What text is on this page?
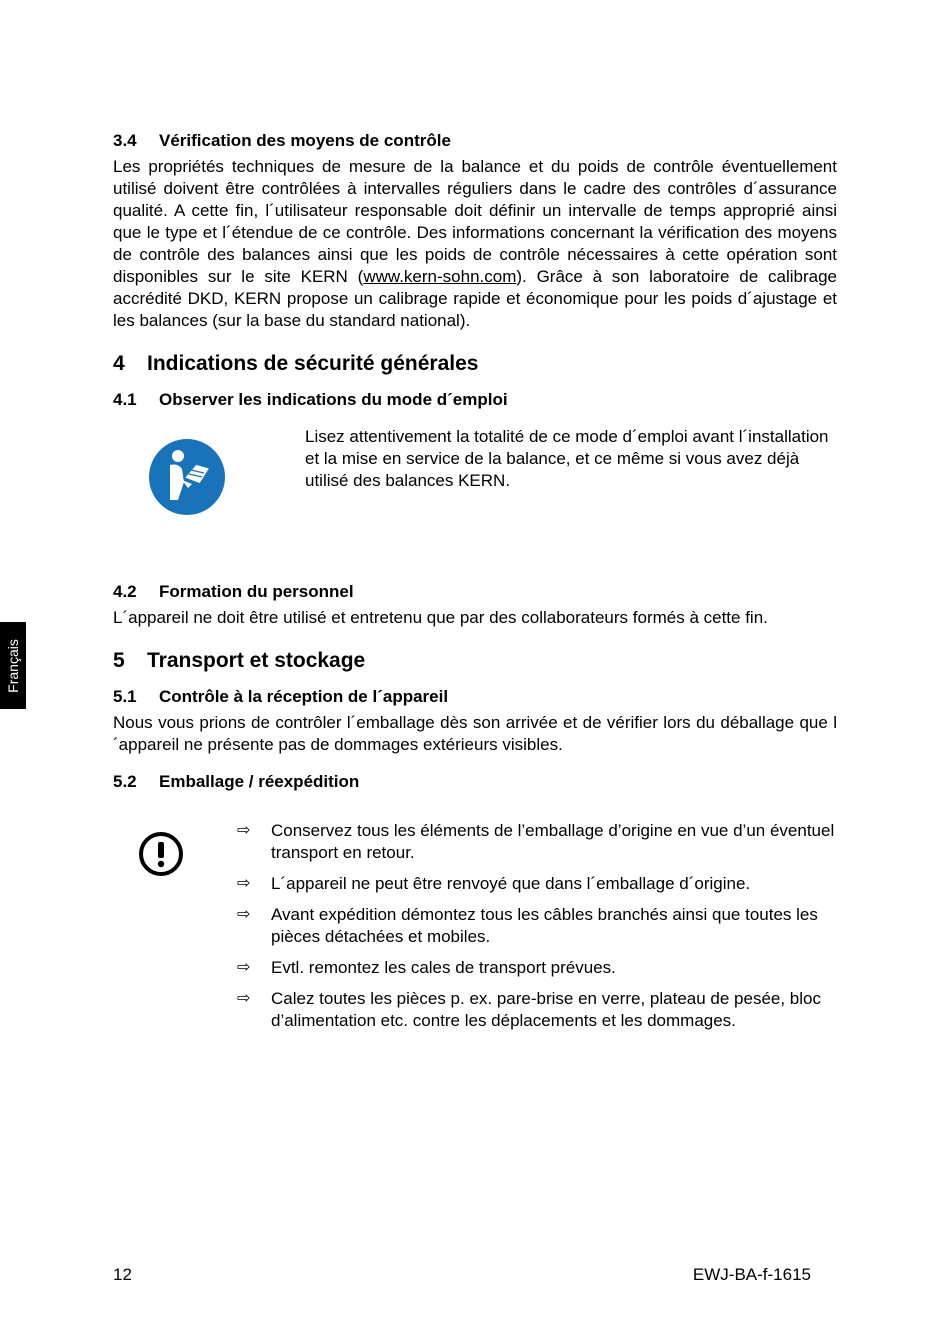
Français
3.4 Vérification des moyens de contrôle

Les propriétés techniques de mesure de la balance et du poids de contrôle éventuellement utilisé doivent être contrôlées à intervalles réguliers dans le cadre des contrôles d´assurance qualité. A cette fin, l´utilisateur responsable doit définir un intervalle de temps approprié ainsi que le type et l´étendue de ce contrôle. Des informations concernant la vérification des moyens de contrôle des balances ainsi que les poids de contrôle nécessaires à cette opération sont disponibles sur le site KERN (www.kern-sohn.com). Grâce à son laboratoire de calibrage accrédité DKD, KERN propose un calibrage rapide et économique pour les poids d´ajustage et les balances (sur la base du standard national).

4 Indications de sécurité générales
4.1 Observer les indications du mode d´emploi

Lisez attentivement la totalité de ce mode d´emploi avant l´installation et la mise en service de la balance, et ce même si vous avez déjà utilisé des balances KERN.

4.2 Formation du personnel

L´appareil ne doit être utilisé et entretenu que par des collaborateurs formés à cette fin.

5 Transport et stockage
5.1 Contrôle à la réception de l´appareil

Nous vous prions de contrôler l´emballage dès son arrivée et de vérifier lors du déballage que l´appareil ne présente pas de dommages extérieurs visibles.

5.2 Emballage / réexpédition
⇨	Conservez tous les éléments de l’emballage d’origine en vue d’un éventuel transport en retour.
⇨	L´appareil ne peut être renvoyé que dans l´emballage d´origine.
⇨	Avant expédition démontez tous les câbles branchés ainsi que toutes les pièces détachées et mobiles.
⇨	Evtl. remontez les cales de transport prévues.
⇨	Calez toutes les pièces p. ex. pare-brise en verre, plateau de pesée, bloc d’alimentation etc. contre les déplacements et les dommages.
12	EWJ-BA-f-1615
